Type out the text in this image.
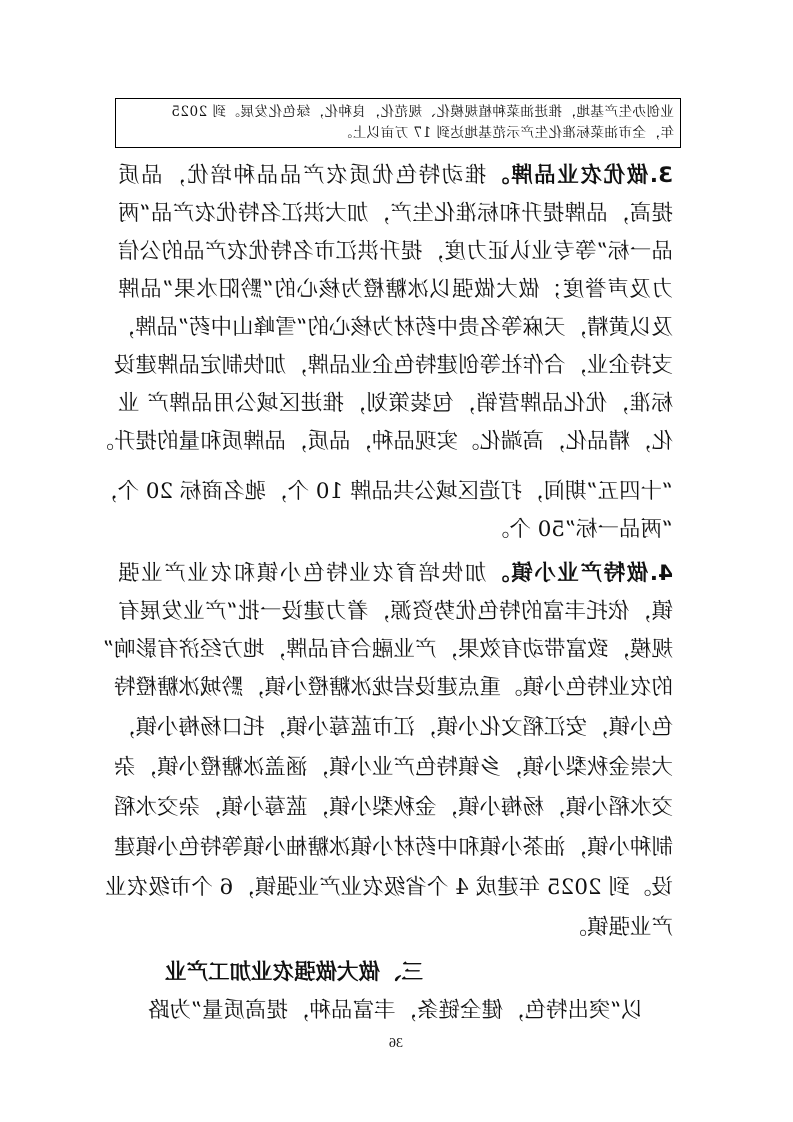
业创办生产基地，推进油菜种植规模化、规范化，良种化，绿色化发展。到 2025

年，全市油菜标准化生产示范基地达到 17 万亩以上。

3.做优农业品牌。推动特色优质农产品品种培优，品质
提高，品牌提升和标准化生产，加大洪江名特优农产品“两
品一标”等专业认证力度，提升洪江市名特优农产品的公信
力及声誉度；做大做强以冰糖橙为核心的“黔阳水果”品牌
及以黄精，天麻等名贵中药材为核心的“雪峰山中药”品牌，
支持企业，合作社等创建特色企业品牌，加快制定品牌建设
标准，优化品牌营销，包装策划，推进区域公用品牌产 业
化，精品化，高端化。实现品种，品质，品牌质和量的提升。
“十四五”期间，打造区域公共品牌 10 个，驰名商标 20 个，
“两品一标”50 个。
4.做特产业小镇。加快培育农业特色小镇和农业产业强
镇，依托丰富的特色优势资源，着力建设一批“产业发展有
规模，致富带动有效果，产业融合有品牌，地方经济有影响”
的农业特色小镇。重点建设岩垅冰糖橙小镇，黔城冰糖橙特
色小镇，安江稻文化小镇，江市蓝莓小镇，托口杨梅小镇，
大崇金秋梨小镇，乡镇特色产业小镇，涵盖冰糖橙小镇，杂
交水稻小镇，杨梅小镇，金秋梨小镇，蓝莓小镇，杂交水稻
制种小镇，油茶小镇和中药材小镇冰糖柚小镇等特色小镇建
设。到 2025 年建成 4 个省级农业产业强镇，6 个市级农业
产业强镇。
三、做大做强农业加工产业
以“突出特色，健全链条，丰富品种，提高质量”为路
36
